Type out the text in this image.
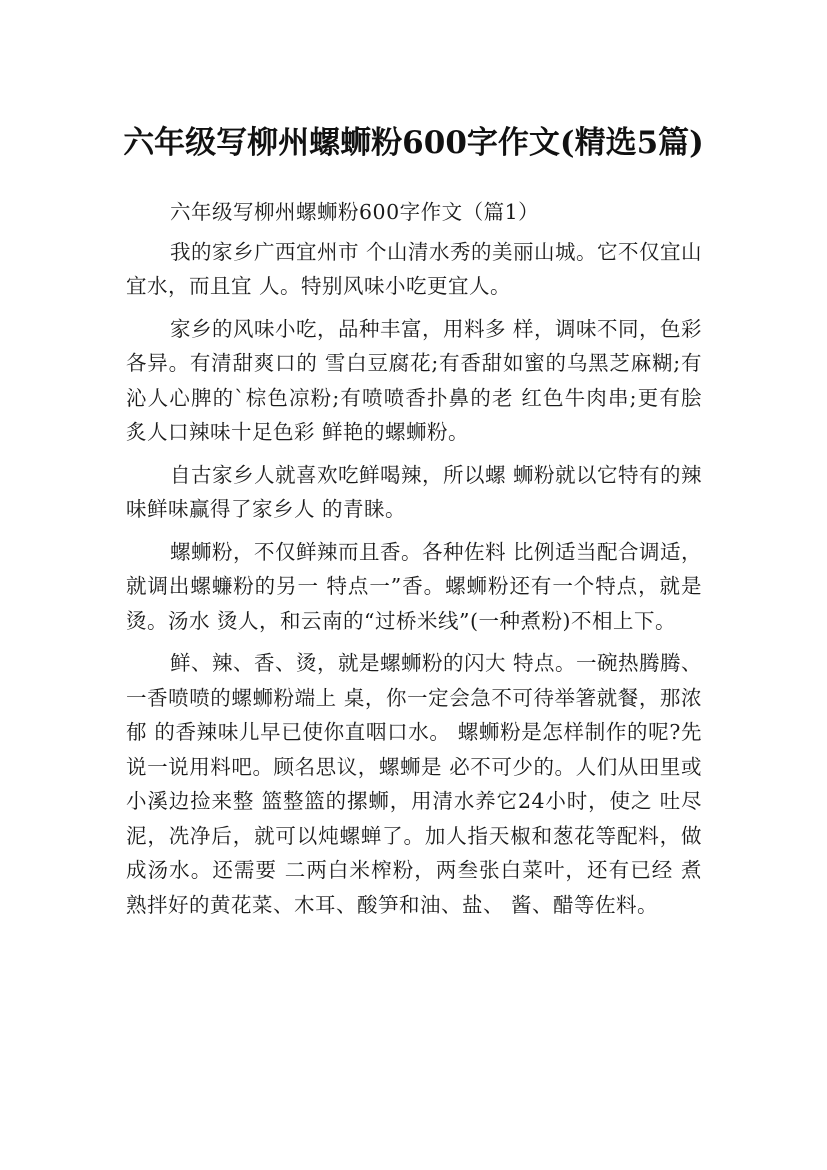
六年级写柳州螺蛳粉600字作文(精选5篇)

六年级写柳州螺蛳粉600字作文（篇1）

我的家乡广西宜州市 个山清水秀的美丽山城。它不仅宜山宜水，而且宜 人。特别风味小吃更宜人。

家乡的风味小吃，品种丰富，用料多 样，调味不同，色彩各异。有清甜爽口的 雪白豆腐花;有香甜如蜜的乌黑芝麻糊;有 沁人心脾的`棕色凉粉;有喷喷香扑鼻的老 红色牛肉串;更有脍炙人口辣味十足色彩 鲜艳的螺蛳粉。

自古家乡人就喜欢吃鲜喝辣，所以螺 蛳粉就以它特有的辣味鲜味赢得了家乡人 的青睐。

螺蛳粉，不仅鲜辣而且香。各种佐料 比例适当配合调适，就调出螺蠊粉的另一 特点一”香。螺蛳粉还有一个特点，就是烫。汤水 烫人，和云南的“过桥米线”(一种煮粉)不相上下。

鲜、辣、香、烫，就是螺蛳粉的闪大 特点。一碗热腾腾、一香喷喷的螺蛳粉端上 桌，你一定会急不可待举箸就餐，那浓郁 的香辣味儿早已使你直咽口水。 螺蛳粉是怎样制作的呢?先说一说用料吧。顾名思议，螺蛳是 必不可少的。人们从田里或小溪边捡来整 篮整篮的摞蛳，用清水养它24小时，使之 吐尽泥，冼净后，就可以炖螺蝉了。加人指天椒和葱花等配料，做成汤水。还需要 二两白米榨粉，两叁张白菜叶，还有已经 煮熟拌好的黄花菜、木耳、酸笋和油、盐、 酱、醋等佐料。
